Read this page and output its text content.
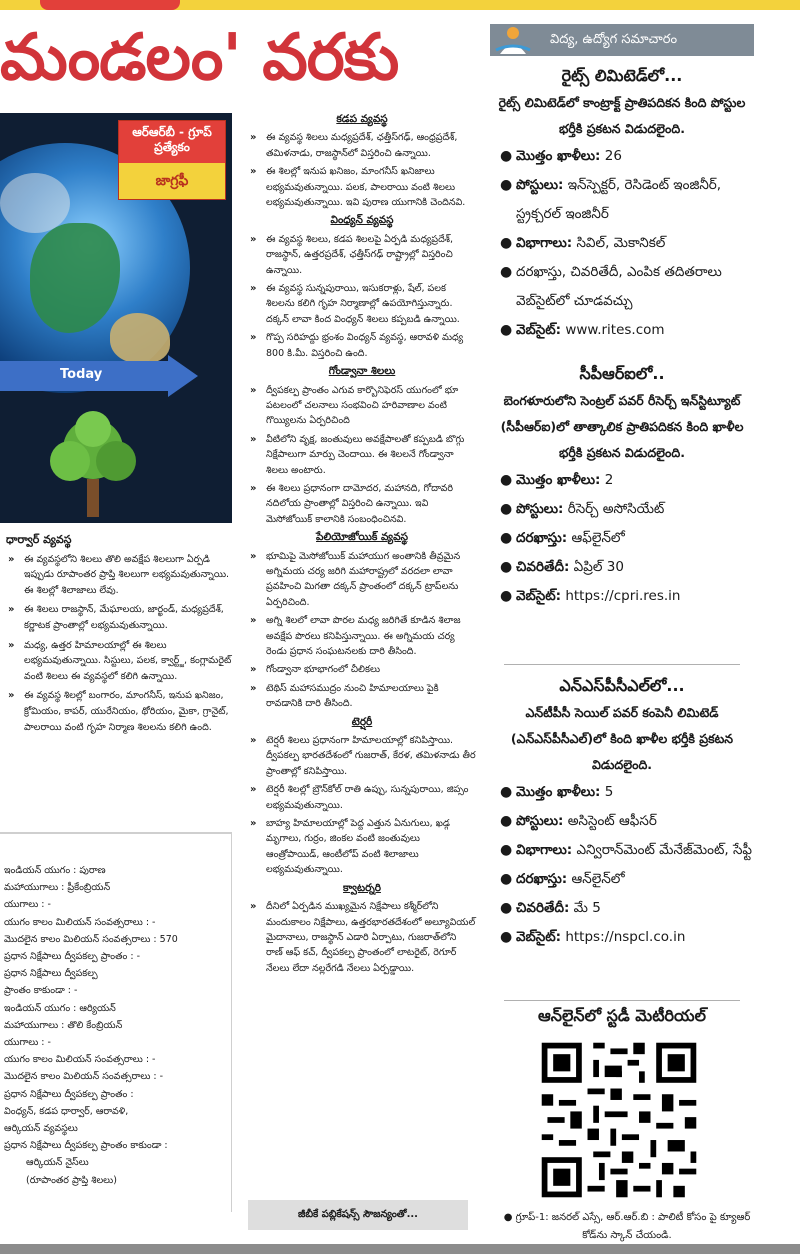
మండలం' వరకు
ఆర్‌ఆర్‌బీ - గ్రూప్ ప్రత్యేకం
జాగ్రఫీ
Today
ధార్వార్ వ్యవస్థ
» ఈ వ్యవస్థలోని శిలలు తొలి అవక్షేప శిలలుగా ఏర్పడి ఇప్పుడు రూపాంతర ప్రాప్తి శిలలుగా లభ్యమవుతున్నాయి. ఈ శిలల్లో శిలాజాలు లేవు.
» ఈ శిలలు రాజస్థాన్, మేఘాలయ, జార్ఖండ్, మధ్యప్రదేశ్, కర్ణాటక ప్రాంతాల్లో లభ్యమవుతున్నాయి.
» మధ్య, ఉత్తర హిమాలయాల్లో ఈ శిలలు లభ్యమవుతున్నాయి. సిస్టులు, పలక, క్వార్ట్జ్, కంగ్లామరైట్ వంటి శిలలు ఈ వ్యవస్థలో కలిగి ఉన్నాయి.
» ఈ వ్యవస్థ శిలల్లో బంగారం, మాంగనీస్, ఇనుప ఖనిజం, క్రోమియం, కాపర్, యురేనియం, థోరియం, మైకా, గ్రానైట్, పాలరాయి వంటి గృహ నిర్మాణ శిలలను కలిగి ఉంది.
ఇండియన్ యుగం : పురాణ
మహాయుగాలు : ప్రీకేంబ్రియన్
యుగాలు : -
యుగం కాలం మిలియన్ సంవత్సరాలు : -
మొదలైన కాలం మిలియన్ సంవత్సరాలు : 570
ప్రధాన నిక్షేపాలు ద్వీపకల్ప ప్రాంతం : -
ప్రధాన నిక్షేపాలు ద్వీపకల్ప
ప్రాంతం కాకుండా : -
ఇండియన్ యుగం : ఆర్యియన్
మహాయుగాలు : తొలి కేంబ్రియన్
యుగాలు : -
యుగం కాలం మిలియన్ సంవత్సరాలు : -
మొదలైన కాలం మిలియన్ సంవత్సరాలు : -
ప్రధాన నిక్షేపాలు ద్వీపకల్ప ప్రాంతం :
వింధ్యన్, కడప ధార్వార్, ఆరావళి,
ఆర్కియన్ వ్యవస్థలు
ప్రధాన నిక్షేపాలు ద్వీపకల్ప ప్రాంతం కాకుండా :
ఆర్కియన్ నైస్‌లు
(రూపాంతర ప్రాప్తి శిలలు)
కడప వ్యవస్థ
» ఈ వ్యవస్థ శిలలు మధ్యప్రదేశ్, ఛత్తీస్‌గఢ్, ఆంధ్రప్రదేశ్, తమిళనాడు, రాజస్థాన్‌లో విస్తరించి ఉన్నాయి.
» ఈ శిలల్లో ఇనుప ఖనిజం, మాంగనీస్ ఖనిజాలు లభ్యమవుతున్నాయి. పలక, పాలరాయి వంటి శిలలు లభ్యమవుతున్నాయి. ఇవి పురాణ యుగానికి చెందినవి.
వింధ్యన్ వ్యవస్థ
» ఈ వ్యవస్థ శిలలు, కడప శిలలపై ఏర్పడి మధ్యప్రదేశ్, రాజస్థాన్, ఉత్తరప్రదేశ్, ఛత్తీస్‌గఢ్ రాష్ట్రాల్లో విస్తరించి ఉన్నాయి.
» ఈ వ్యవస్థ సున్నపురాయి, ఇసుకరాళ్లు, షేల్, పలక శిలలను కలిగి గృహ నిర్మాణాల్లో ఉపయోగిస్తున్నారు. దక్కన్ లావా కింద వింధ్యన్ శిలలు కప్పబడి ఉన్నాయి.
» గొప్ప సరిహద్దు భ్రంశం వింధ్యన్ వ్యవస్థ, ఆరావళి మధ్య 800 కి.మీ. విస్తరించి ఉంది.
గోండ్వానా శిలలు
» ద్వీపకల్ప ప్రాంతం ఎగువ కార్బొనిఫెరస్ యుగంలో భూ పటలంలో చలనాలు సంభవించి హరివాణాల వంటి గొయ్యిలను ఏర్పరిచింది
» వీటిలోని వృక్ష, జంతువులు అవక్షేపాలతో కప్పబడి బొగ్గు నిక్షేపాలుగా మార్పు చెందాయి. ఈ శిలలనే గోండ్వానా శిలలు అంటారు.
» ఈ శిలలు ప్రధానంగా దామోదర, మహానది, గోదావరి నదిలోయ ప్రాంతాల్లో విస్తరించి ఉన్నాయి. ఇవి మెసోజోయిక్ కాలానికి సంబంధించినవి.
పేలియోజోయిక్ వ్యవస్థ
» భూమిపై మెసోజోయిక్ మహాయుగ అంతానికి తీవ్రమైన అగ్నిమయ చర్య జరిగి మహారాష్ట్రలో వరదలా లావా ప్రవహించి మిగతా దక్కన్ ప్రాంతంలో దక్కన్ ట్రాప్‌లను ఏర్పరిచింది.
» అగ్ని శిలలో లావా పొరల మధ్య జరిగితే కూడిన శిలాజ అవక్షేప పొరలు కనిపిస్తున్నాయి. ఈ అగ్నిమయ చర్య రెండు ప్రధాన సంఘటనలకు దారి తీసింది.
» గోండ్వానా భూభాగంలో చీలికలు
» టెథిస్ మహాసముద్రం నుంచి హిమాలయాలు పైకి రావడానికి దారి తీసింది.
టెర్షరీ
» టెర్షరీ శిలలు ప్రధానంగా హిమాలయాల్లో కనిపిస్తాయి. ద్వీపకల్ప భారతదేశంలో గుజరాత్, కేరళ, తమిళనాడు తీర ప్రాంతాల్లో కనిపిస్తాయి.
» టెర్షరీ శిలల్లో బ్రౌన్‌కోల్ రాతి ఉప్పు, సున్నపురాయి, జిప్సం లభ్యమవుతున్నాయి.
» బాహ్య హిమాలయాల్లో పెద్ద ఎత్తున ఏనుగులు, ఖడ్గ మృగాలు, గుర్రం, జింకల వంటి జంతువులు ఆంత్రోపాయిడ్, ఆంటీలోప్ వంటి శిలాజాలు లభ్యమవుతున్నాయి.
క్వాటర్నరి
» దీనిలో ఏర్పడిన ముఖ్యమైన నిక్షేపాలు కశ్మీర్‌లోని మందుకాలం నిక్షేపాలు, ఉత్తరభారతదేశంలో అల్యూవియల్ మైదానాలు, రాజస్థాన్ ఎడారి ఏర్పాటు, గుజరాత్‌లోని రాణ్ ఆఫ్ కచ్, ద్వీపకల్ప ప్రాంతంలో లాటరైట్, రెగూర్ నేలలు లేదా నల్లరేగడి నేలలు ఏర్పడ్డాయి.
జీబీకే పబ్లికేషన్స్ సౌజన్యంతో...
విద్య, ఉద్యోగ సమాచారం
రైట్స్ లిమిటెడ్‌లో...
రైట్స్ లిమిటెడ్‌లో కాంట్రాక్ట్ ప్రాతిపదికన కింది పోస్టుల భర్తీకి ప్రకటన విడుదలైంది.
● మొత్తం ఖాళీలు: 26
● పోస్టులు: ఇన్‌స్పెక్టర్, రెసిడెంట్ ఇంజినీర్, స్ట్రక్చరల్ ఇంజినీర్
● విభాగాలు: సివిల్, మెకానికల్
● దరఖాస్తు, చివరితేదీ, ఎంపిక తదితరాలు వెబ్‌సైట్‌లో చూడవచ్చు
● వెబ్‌సైట్: www.rites.com
సీపీఆర్ఐలో..
బెంగళూరులోని సెంట్రల్ పవర్ రీసెర్చ్ ఇన్‌స్టిట్యూట్ (సీపీఆర్ఐ)లో తాత్కాలిక ప్రాతిపదికన కింది ఖాళీల భర్తీకి ప్రకటన విడుదలైంది.
● మొత్తం ఖాళీలు: 2
● పోస్టులు: రీసెర్చ్ అసోసియేట్
● దరఖాస్తు: ఆఫ్‌లైన్‌లో
● చివరితేదీ: ఏప్రిల్ 30
● వెబ్‌సైట్: https://cpri.res.in
ఎన్ఎస్‌పీసీఎల్‌లో...
ఎన్‌టీపీసీ సెయిల్ పవర్ కంపెనీ లిమిటెడ్ (ఎన్ఎస్‌పీసీఎల్)లో కింది ఖాళీల భర్తీకి ప్రకటన విడుదలైంది.
● మొత్తం ఖాళీలు: 5
● పోస్టులు: అసిస్టెంట్ ఆఫీసర్
● విభాగాలు: ఎన్విరాన్‌మెంట్ మేనేజ్‌మెంట్, సేఫ్టీ
● దరఖాస్తు: ఆన్‌లైన్‌లో
● చివరితేదీ: మే 5
● వెబ్‌సైట్: https://nspcl.co.in
ఆన్‌లైన్‌లో స్టడీ మెటీరియల్
● గ్రూప్-1: జనరల్ ఎస్సే, ఆర్.ఆర్.బి : పాలిటీ కోసం పై క్యూఆర్ కోడ్‌ను స్కాన్ చేయండి.
